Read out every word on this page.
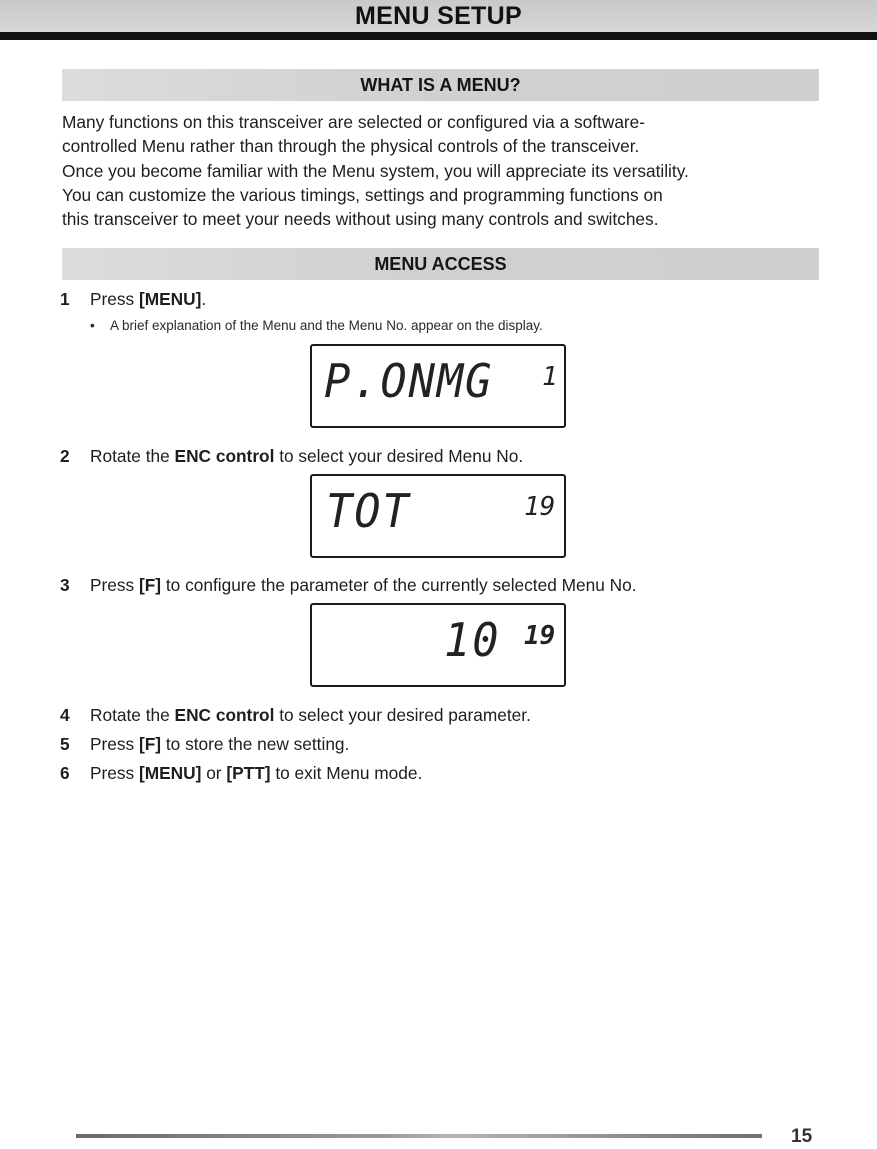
MENU SETUP
WHAT IS A MENU?
Many functions on this transceiver are selected or configured via a software-
controlled Menu rather than through the physical controls of the transceiver.
Once you become familiar with the Menu system, you will appreciate its versatility.
You can customize the various timings, settings and programming functions on
this transceiver to meet your needs without using many controls and switches.
MENU ACCESS
1 Press [MENU].
• A brief explanation of the Menu and the Menu No. appear on the display.
P.ONMG 1
2 Rotate the ENC control to select your desired Menu No.
TOT	19
3 Press [F] to configure the parameter of the currently selected Menu No.
10 19
4 Rotate the ENC control to select your desired parameter.
5 Press [F] to store the new setting.
6 Press [MENU] or [PTT] to exit Menu mode.
15
